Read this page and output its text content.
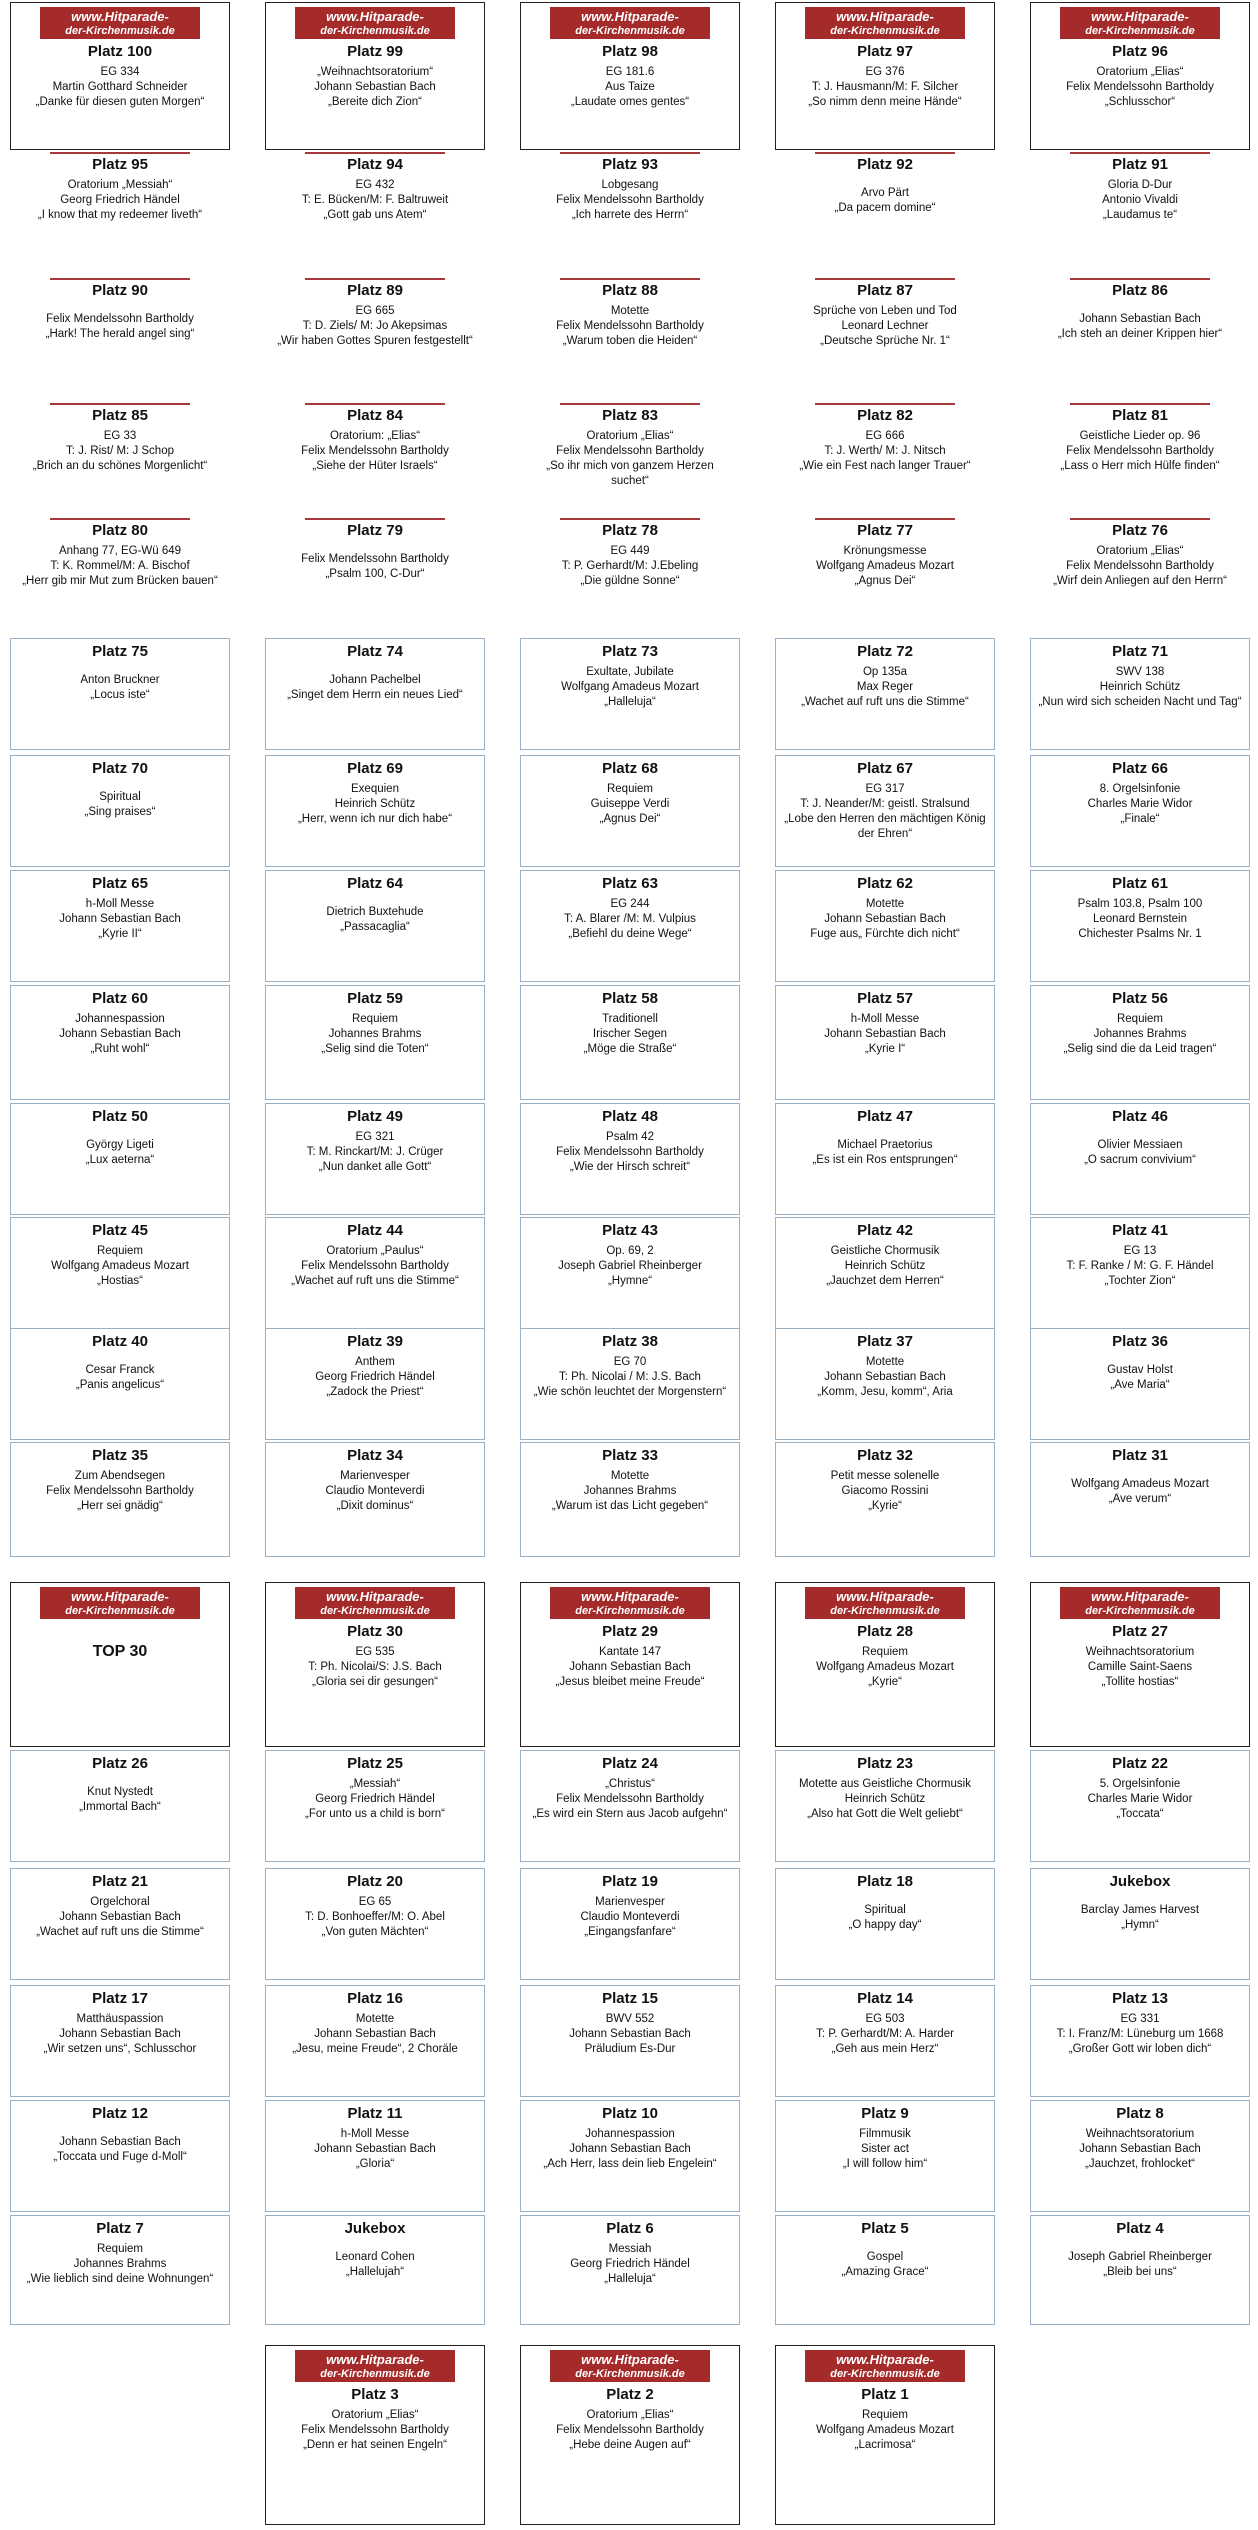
www.Hitparade-
der-Kirchenmusik.de
Platz 100
EG 334
Martin Gotthard Schneider
„Danke für diesen guten Morgen“
www.Hitparade-
der-Kirchenmusik.de
Platz 99
„Weihnachtsoratorium“
Johann Sebastian Bach
„Bereite dich Zion“
www.Hitparade-
der-Kirchenmusik.de
Platz 98
EG 181.6
Aus Taize
„Laudate omes gentes“
www.Hitparade-
der-Kirchenmusik.de
Platz 97
EG 376
T: J. Hausmann/M: F. Silcher
„So nimm denn meine Hände“
www.Hitparade-
der-Kirchenmusik.de
Platz 96
Oratorium „Elias“
Felix Mendelssohn Bartholdy
„Schlusschor“
Platz 95
Oratorium „Messiah“
Georg Friedrich Händel
„I know that my redeemer liveth“
Platz 94
EG 432
T: E. Bücken/M: F. Baltruweit
„Gott gab uns Atem“
Platz 93
Lobgesang
Felix Mendelssohn Bartholdy
„Ich harrete des Herrn“
Platz 92
Arvo Pärt
„Da pacem domine“
Platz 91
Gloria D-Dur
Antonio Vivaldi
„Laudamus te“
Platz 90
Felix Mendelssohn Bartholdy
„Hark! The herald angel sing“
Platz 89
EG 665
T: D. Ziels/ M: Jo Akepsimas
„Wir haben Gottes Spuren festgestellt“
Platz 88
Motette
Felix Mendelssohn Bartholdy
„Warum toben die Heiden“
Platz 87
Sprüche von Leben und Tod
Leonard Lechner
„Deutsche Sprüche Nr. 1“
Platz 86
Johann Sebastian Bach
„Ich steh an deiner Krippen hier“
Platz 85
EG 33
T: J. Rist/ M: J Schop
„Brich an du schönes Morgenlicht“
Platz 84
Oratorium: „Elias“
Felix Mendelssohn Bartholdy
„Siehe der Hüter Israels“
Platz 83
Oratorium „Elias“
Felix Mendelssohn Bartholdy
„So ihr mich von ganzem Herzen suchet“
Platz 82
EG 666
T: J. Werth/ M: J. Nitsch
„Wie ein Fest nach langer Trauer“
Platz 81
Geistliche Lieder op. 96
Felix Mendelssohn Bartholdy
„Lass o Herr mich Hülfe finden“
Platz 80
Anhang 77, EG-Wü 649
T: K. Rommel/M: A. Bischof
„Herr gib mir Mut zum Brücken bauen“
Platz 79
Felix Mendelssohn Bartholdy
„Psalm 100, C-Dur“
Platz 78
EG 449
T: P. Gerhardt/M: J.Ebeling
„Die güldne Sonne“
Platz 77
Krönungsmesse
Wolfgang Amadeus Mozart
„Agnus Dei“
Platz 76
Oratorium „Elias“
Felix Mendelssohn Bartholdy
„Wirf dein Anliegen auf den Herrn“
Platz 75
Anton Bruckner
„Locus iste“
Platz 74
Johann Pachelbel
„Singet dem Herrn ein neues Lied“
Platz 73
Exultate, Jubilate
Wolfgang Amadeus Mozart
„Halleluja“
Platz 72
Op 135a
Max Reger
„Wachet auf ruft uns die Stimme“
Platz 71
SWV 138
Heinrich Schütz
„Nun wird sich scheiden Nacht und Tag“
Platz 70
Spiritual
„Sing praises“
Platz 69
Exequien
Heinrich Schütz
„Herr, wenn ich nur dich habe“
Platz 68
Requiem
Guiseppe Verdi
„Agnus Dei“
Platz 67
EG 317
T: J. Neander/M: geistl. Stralsund
„Lobe den Herren den mächtigen König der Ehren“
Platz 66
8. Orgelsinfonie
Charles Marie Widor
„Finale“
Platz 65
h-Moll Messe
Johann Sebastian Bach
„Kyrie II“
Platz 64
Dietrich Buxtehude
„Passacaglia“
Platz 63
EG 244
T: A. Blarer /M: M. Vulpius
„Befiehl du deine Wege“
Platz 62
Motette
Johann Sebastian Bach
Fuge aus„ Fürchte dich nicht“
Platz 61
Psalm 103.8, Psalm 100
Leonard Bernstein
Chichester Psalms Nr. 1
Platz 60
Johannespassion
Johann Sebastian Bach
„Ruht wohl“
Platz 59
Requiem
Johannes Brahms
„Selig sind die Toten“
Platz 58
Traditionell
Irischer Segen
„Möge die Straße“
Platz 57
h-Moll Messe
Johann Sebastian Bach
„Kyrie I“
Platz 56
Requiem
Johannes Brahms
„Selig sind die da Leid tragen“
Platz 50
György Ligeti
„Lux aeterna“
Platz 49
EG 321
T: M. Rinckart/M: J. Crüger
„Nun danket alle Gott“
Platz 48
Psalm 42
Felix Mendelssohn Bartholdy
„Wie der Hirsch schreit“
Platz 47
Michael Praetorius
„Es ist ein Ros entsprungen“
Platz 46
Olivier Messiaen
„O sacrum convivium“
Platz 45
Requiem
Wolfgang Amadeus Mozart
„Hostias“
Platz 44
Oratorium „Paulus“
Felix Mendelssohn Bartholdy
„Wachet auf ruft uns die Stimme“
Platz 43
Op. 69, 2
Joseph Gabriel Rheinberger
„Hymne“
Platz 42
Geistliche Chormusik
Heinrich Schütz
„Jauchzet dem Herren“
Platz 41
EG 13
T: F. Ranke / M: G. F. Händel
„Tochter Zion“
Platz 40
Cesar Franck
„Panis angelicus“
Platz 39
Anthem
Georg Friedrich Händel
„Zadock the Priest“
Platz 38
EG 70
T: Ph. Nicolai / M: J.S. Bach
„Wie schön leuchtet der Morgenstern“
Platz 37
Motette
Johann Sebastian Bach
„Komm, Jesu, komm“, Aria
Platz 36
Gustav Holst
„Ave Maria“
Platz 35
Zum Abendsegen
Felix Mendelssohn Bartholdy
„Herr sei gnädig“
Platz 34
Marienvesper
Claudio Monteverdi
„Dixit dominus“
Platz 33
Motette
Johannes Brahms
„Warum ist das Licht gegeben“
Platz 32
Petit messe solenelle
Giacomo Rossini
„Kyrie“
Platz 31
Wolfgang Amadeus Mozart
„Ave verum“
www.Hitparade-
der-Kirchenmusik.de
TOP 30
www.Hitparade-
der-Kirchenmusik.de
Platz 30
EG 535
T: Ph. Nicolai/S: J.S. Bach
„Gloria sei dir gesungen“
www.Hitparade-
der-Kirchenmusik.de
Platz 29
Kantate 147
Johann Sebastian Bach
„Jesus bleibet meine Freude“
www.Hitparade-
der-Kirchenmusik.de
Platz 28
Requiem
Wolfgang Amadeus Mozart
„Kyrie“
www.Hitparade-
der-Kirchenmusik.de
Platz 27
Weihnachtsoratorium
Camille Saint-Saens
„Tollite hostias“
Platz 26
Knut Nystedt
„Immortal Bach“
Platz 25
„Messiah“
Georg Friedrich Händel
„For unto us a child is born“
Platz 24
„Christus“
Felix Mendelssohn Bartholdy
„Es wird ein Stern aus Jacob aufgehn“
Platz 23
Motette aus Geistliche Chormusik
Heinrich Schütz
„Also hat Gott die Welt geliebt“
Platz 22
5. Orgelsinfonie
Charles Marie Widor
„Toccata“
Platz 21
Orgelchoral
Johann Sebastian Bach
„Wachet auf ruft uns die Stimme“
Platz 20
EG 65
T: D. Bonhoeffer/M: O. Abel
„Von guten Mächten“
Platz 19
Marienvesper
Claudio Monteverdi
„Eingangsfanfare“
Platz 18
Spiritual
„O happy day“
Jukebox
Barclay James Harvest
„Hymn“
Platz 17
Matthäuspassion
Johann Sebastian Bach
„Wir setzen uns“, Schlusschor
Platz 16
Motette
Johann Sebastian Bach
„Jesu, meine Freude“, 2 Choräle
Platz 15
BWV 552
Johann Sebastian Bach
Präludium Es-Dur
Platz 14
EG 503
T: P. Gerhardt/M: A. Harder
„Geh aus mein Herz“
Platz 13
EG 331
T: I. Franz/M: Lüneburg um 1668
„Großer Gott wir loben dich“
Platz 12
Johann Sebastian Bach
„Toccata und Fuge d-Moll“
Platz 11
h-Moll Messe
Johann Sebastian Bach
„Gloria“
Platz 10
Johannespassion
Johann Sebastian Bach
„Ach Herr, lass dein lieb Engelein“
Platz 9
Filmmusik
Sister act
„I will follow him“
Platz 8
Weihnachtsoratorium
Johann Sebastian Bach
„Jauchzet, frohlocket“
Platz 7
Requiem
Johannes Brahms
„Wie lieblich sind deine Wohnungen“
Jukebox
Leonard Cohen
„Hallelujah“
Platz 6
Messiah
Georg Friedrich Händel
„Halleluja“
Platz 5
Gospel
„Amazing Grace“
Platz 4
Joseph Gabriel Rheinberger
„Bleib bei uns“
www.Hitparade-
der-Kirchenmusik.de
Platz 3
Oratorium „Elias“
Felix Mendelssohn Bartholdy
„Denn er hat seinen Engeln“
www.Hitparade-
der-Kirchenmusik.de
Platz 2
Oratorium „Elias“
Felix Mendelssohn Bartholdy
„Hebe deine Augen auf“
www.Hitparade-
der-Kirchenmusik.de
Platz 1
Requiem
Wolfgang Amadeus Mozart
„Lacrimosa“
